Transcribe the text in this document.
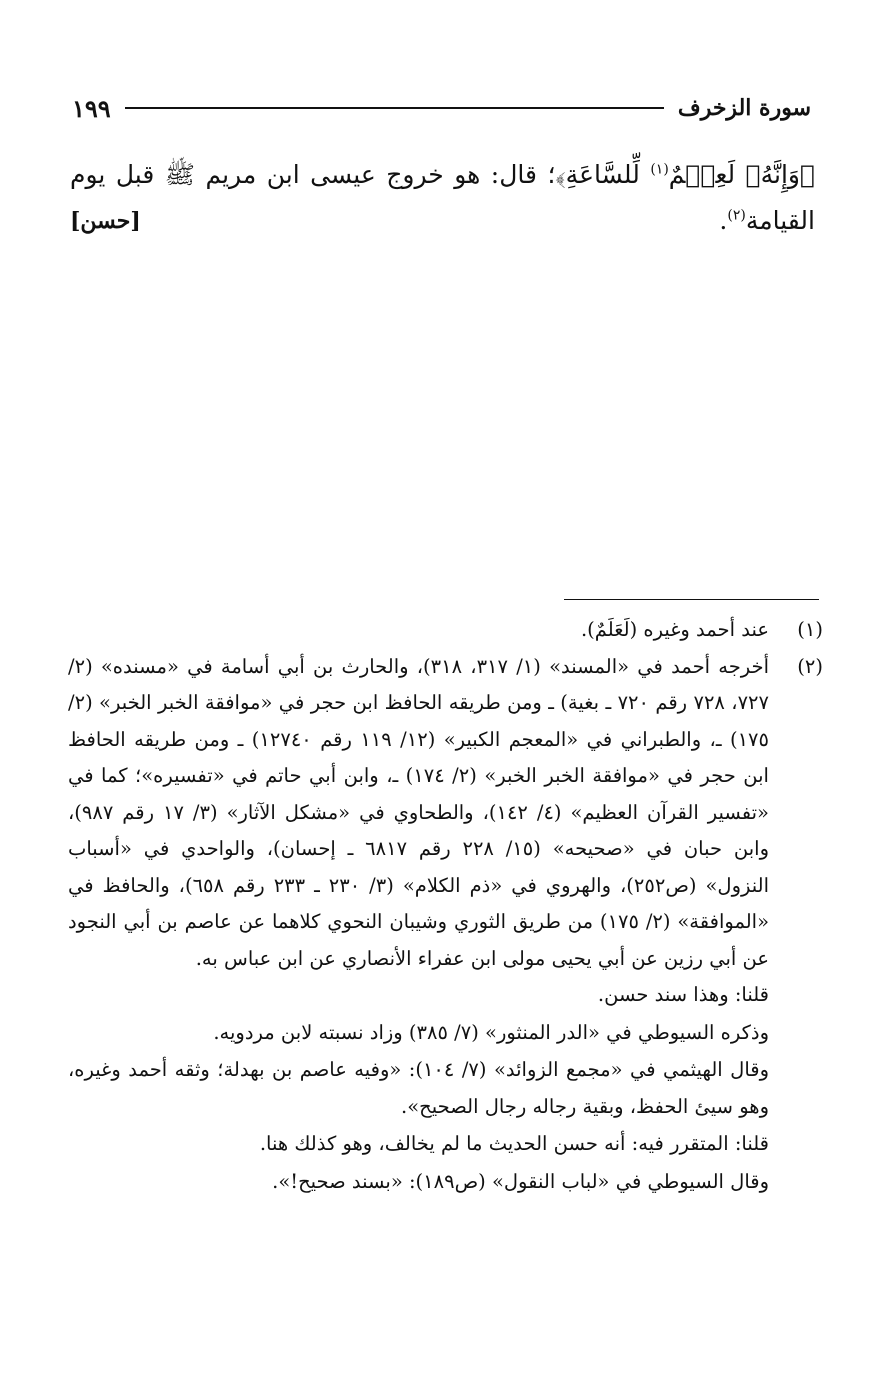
سورة الزخرف
١٩٩
﴿وَإِنَّهُۥ لَعِلۡمٌ$^{(١)}$ لِّلسَّاعَةِ﴾؛ قال: هو خروج عيسى ابن مريم ﷺ قبل يوم القيامة$^{(٢)}$.
[حسن]
(١)
عند أحمد وغيره (لَعَلَمٌ).
(٢)
أخرجه أحمد في «المسند» (١/ ٣١٧، ٣١٨)، والحارث بن أبي أسامة في «مسنده» (٢/ ٧٢٧، ٧٢٨ رقم ٧٢٠ ـ بغية) ـ ومن طريقه الحافظ ابن حجر في «موافقة الخبر الخبر» (٢/ ١٧٥) ـ، والطبراني في «المعجم الكبير» (١٢/ ١١٩ رقم ١٢٧٤٠) ـ ومن طريقه الحافظ ابن حجر في «موافقة الخبر الخبر» (٢/ ١٧٤) ـ، وابن أبي حاتم في «تفسيره»؛ كما في «تفسير القرآن العظيم» (٤/ ١٤٢)، والطحاوي في «مشكل الآثار» (٣/ ١٧ رقم ٩٨٧)، وابن حبان في «صحيحه» (١٥/ ٢٢٨ رقم ٦٨١٧ ـ إحسان)، والواحدي في «أسباب النزول» (ص٢٥٢)، والهروي في «ذم الكلام» (٣/ ٢٣٠ ـ ٢٣٣ رقم ٦٥٨)، والحافظ في «الموافقة» (٢/ ١٧٥) من طريق الثوري وشيبان النحوي كلاهما عن عاصم بن أبي النجود عن أبي رزين عن أبي يحيى مولى ابن عفراء الأنصاري عن ابن عباس به.
قلنا: وهذا سند حسن.
وذكره السيوطي في «الدر المنثور» (٧/ ٣٨٥) وزاد نسبته لابن مردويه.
وقال الهيثمي في «مجمع الزوائد» (٧/ ١٠٤): «وفيه عاصم بن بهدلة؛ وثقه أحمد وغيره، وهو سيئ الحفظ، وبقية رجاله رجال الصحيح».
قلنا: المتقرر فيه: أنه حسن الحديث ما لم يخالف، وهو كذلك هنا.
وقال السيوطي في «لباب النقول» (ص١٨٩): «بسند صحيح!».
